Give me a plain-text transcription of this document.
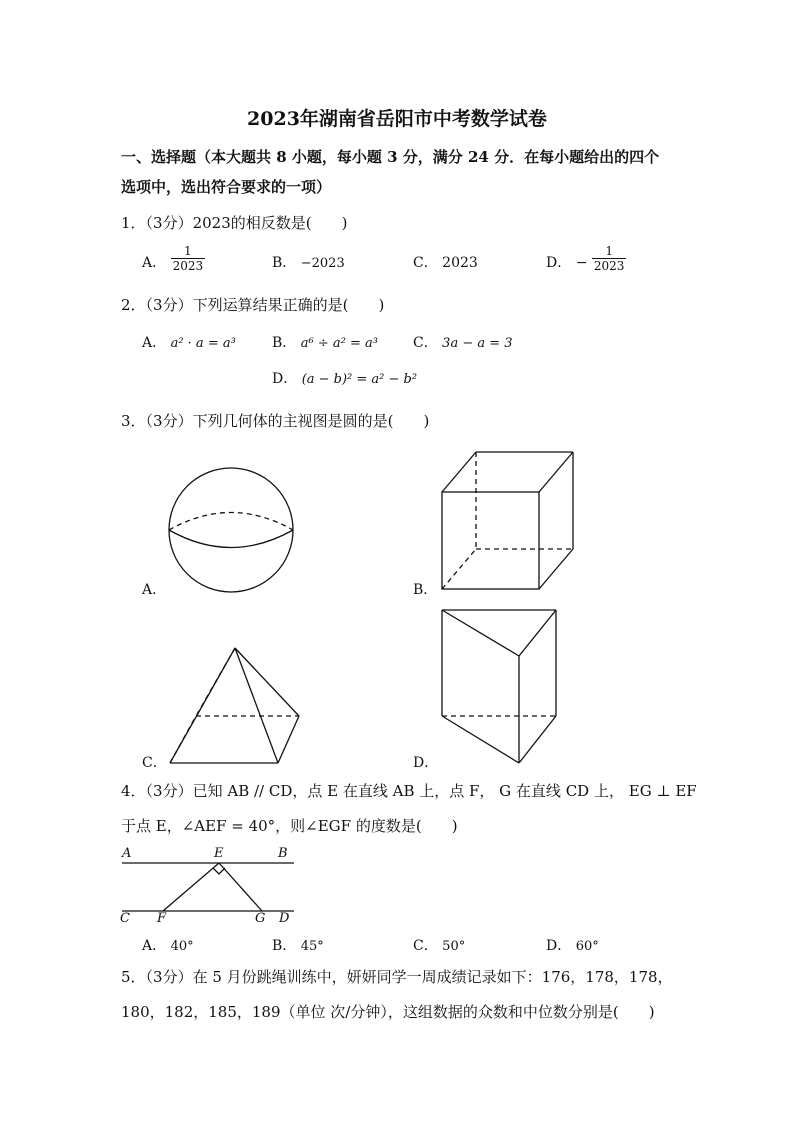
2023年湖南省岳阳市中考数学试卷
一、选择题（本大题共 8 小题，每小题 3 分，满分 24 分．在每小题给出的四个
选项中，选出符合要求的一项）
1．（3分）2023的相反数是(　　)
A． $\frac{1}{2023}$	B． −2023	C． 2023	D． − $\frac{1}{2023}$
2．（3分）下列运算结果正确的是(　　)
A． a² · a = a³	B． a⁶ ÷ a² = a³	C． 3a − a = 3
D． (a − b)² = a² − b²
3．（3分）下列几何体的主视图是圆的是(　　)
A．	B．
C．	D．
4．（3分）已知 AB // CD，点 E 在直线 AB 上，点 F， G 在直线 CD 上， EG ⊥ EF
于点 E，∠AEF = 40°，则∠EGF 的度数是(　　)
A	E	B
C F	G D
A． 40°	B． 45°	C． 50°	D． 60°
5．（3分）在 5 月份跳绳训练中，妍妍同学一周成绩记录如下：176，178，178，
180，182，185，189（单位 次/分钟），这组数据的众数和中位数分别是(　　)
